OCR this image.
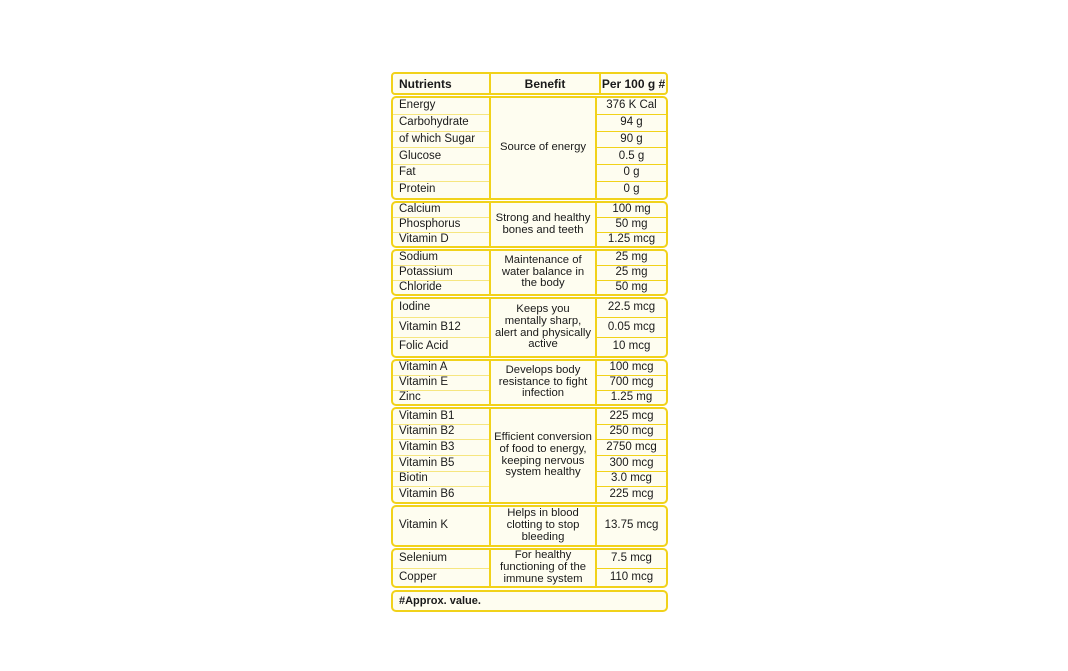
Nutrients	Benefit	Per 100 g #
Energy
Carbohydrate
of which Sugar
Glucose
Fat
Protein
Source of energy
376 K Cal
94 g
90 g
0.5 g
0 g
0 g
Calcium
Phosphorus
Vitamin D
Strong and healthy bones and teeth
100 mg
50 mg
1.25 mcg
Sodium
Potassium
Chloride
Maintenance of water balance in the body
25 mg
25 mg
50 mg
Iodine
Vitamin B12
Folic Acid
Keeps you mentally sharp, alert and physically active
22.5 mcg
0.05 mcg
10 mcg
Vitamin A
Vitamin E
Zinc
Develops body resistance to fight infection
100 mcg
700 mcg
1.25 mg
Vitamin B1
Vitamin B2
Vitamin B3
Vitamin B5
Biotin
Vitamin B6
Efficient conversion of food to energy, keeping nervous system healthy
225 mcg
250 mcg
2750 mcg
300 mcg
3.0 mcg
225 mcg
Vitamin K
Helps in blood clotting to stop bleeding
13.75 mcg
Selenium
Copper
For healthy functioning of the immune system
7.5 mcg
110 mcg
#Approx. value.
